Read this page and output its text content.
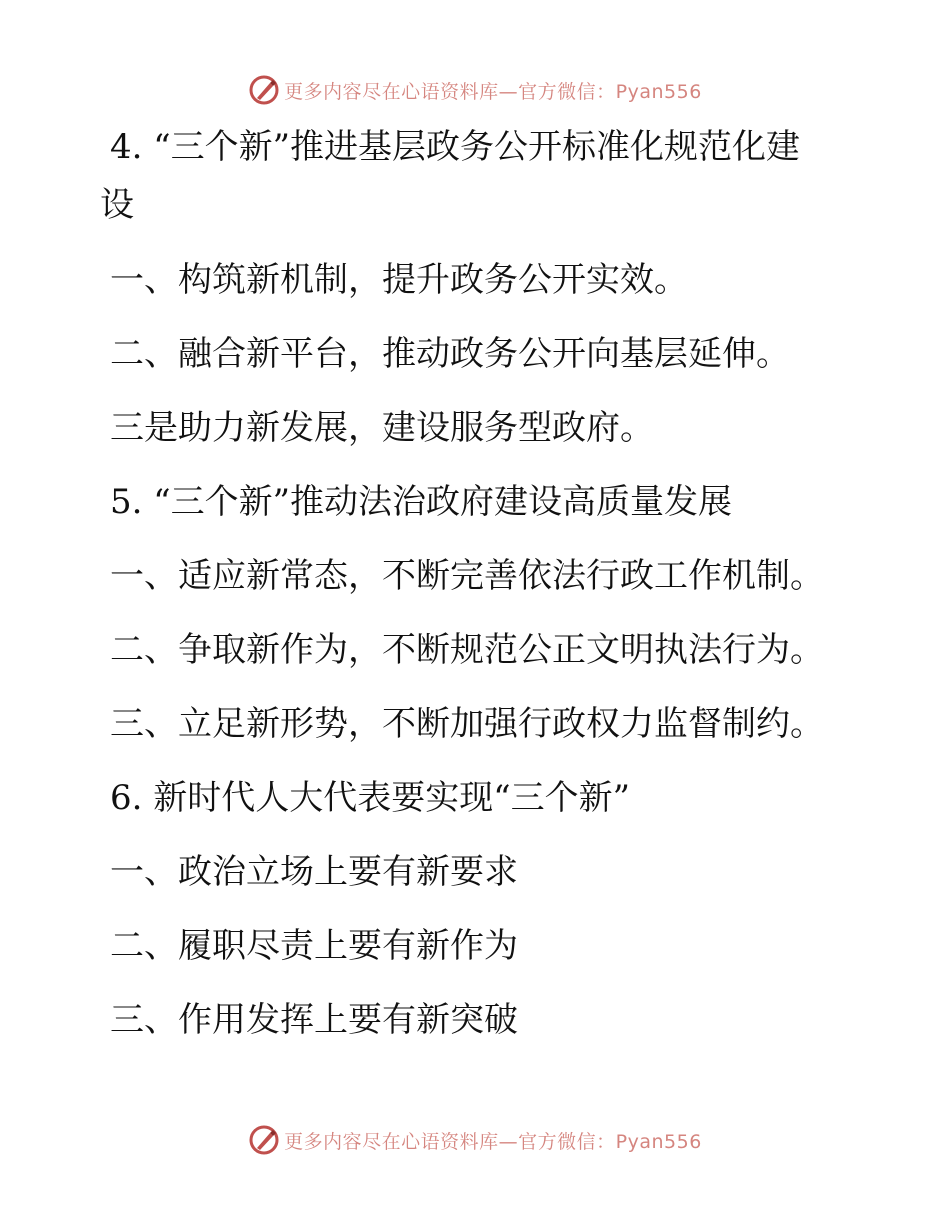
更多内容尽在心语资料库—官方微信：Pyan556
4. “三个新”推进基层政务公开标准化规范化建
设
一、构筑新机制，提升政务公开实效。
二、融合新平台，推动政务公开向基层延伸。
三是助力新发展，建设服务型政府。
5. “三个新”推动法治政府建设高质量发展
一、适应新常态，不断完善依法行政工作机制。
二、争取新作为，不断规范公正文明执法行为。
三、立足新形势，不断加强行政权力监督制约。
6. 新时代人大代表要实现“三个新”
一、政治立场上要有新要求
二、履职尽责上要有新作为
三、作用发挥上要有新突破
更多内容尽在心语资料库—官方微信：Pyan556
